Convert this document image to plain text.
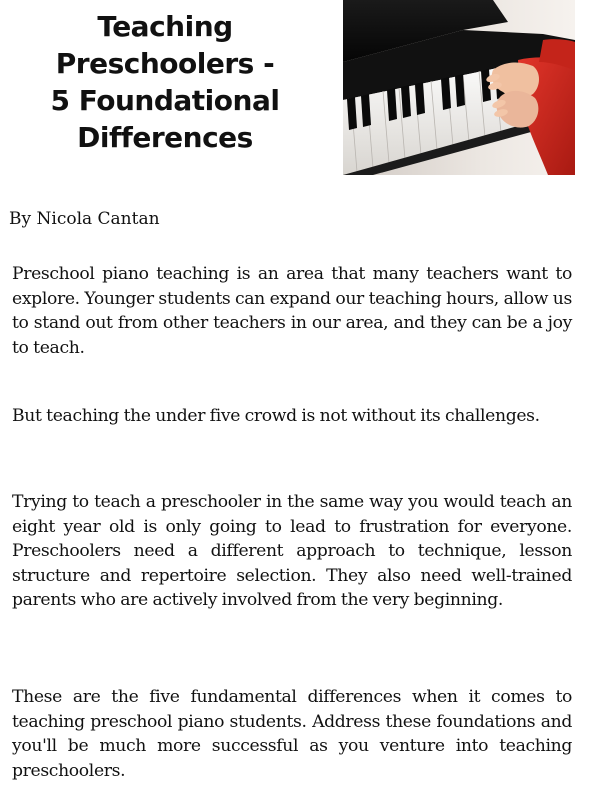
Teaching
Preschoolers -
5 Foundational
Differences

By Nicola Cantan

Preschool piano teaching is an area that many teachers want to explore. Younger students can expand our teaching hours, allow us to stand out from other teachers in our area, and they can be a joy to teach.

But teaching the under five crowd is not without its challenges.

Trying to teach a preschooler in the same way you would teach an eight year old is only going to lead to frustration for everyone. Preschoolers need a different approach to technique, lesson structure and repertoire selection. They also need well-trained parents who are actively involved from the very beginning.

These are the five fundamental differences when it comes to teaching preschool piano students. Address these foundations and you'll be much more successful as you venture into teaching preschoolers.
